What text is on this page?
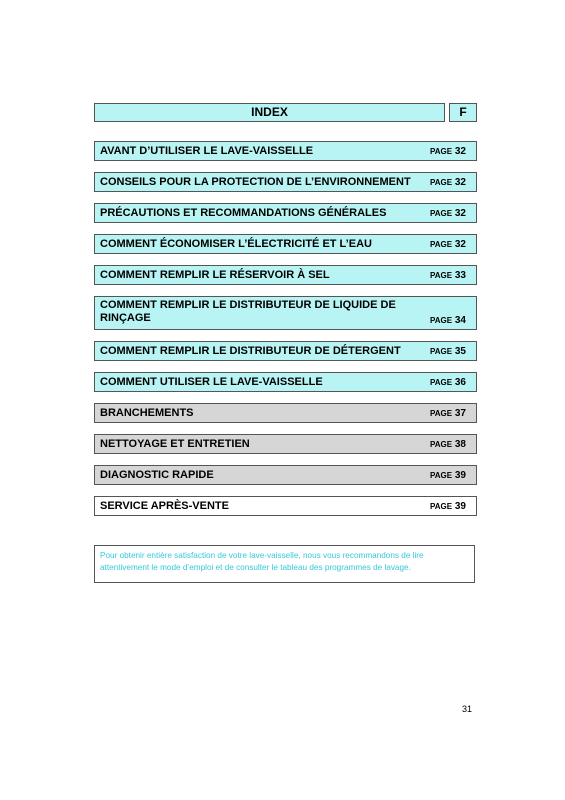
INDEX	F
AVANT D’UTILISER LE LAVE-VAISSELLE	PAGE 32
CONSEILS POUR LA PROTECTION DE L’ENVIRONNEMENT	PAGE 32
PRÉCAUTIONS ET RECOMMANDATIONS GÉNÉRALES	PAGE 32
COMMENT ÉCONOMISER L’ÉLECTRICITÉ ET L’EAU	PAGE 32
COMMENT REMPLIR LE RÉSERVOIR À SEL	PAGE 33
COMMENT REMPLIR LE DISTRIBUTEUR DE LIQUIDE DE RINÇAGE	PAGE 34
COMMENT REMPLIR LE DISTRIBUTEUR DE DÉTERGENT	PAGE 35
COMMENT UTILISER LE LAVE-VAISSELLE	PAGE 36
BRANCHEMENTS	PAGE 37
NETTOYAGE ET ENTRETIEN	PAGE 38
DIAGNOSTIC RAPIDE	PAGE 39
SERVICE APRÈS-VENTE	PAGE 39
Pour obtenir entière satisfaction de votre lave-vaisselle, nous vous recommandons de lire attentivement le mode d’emploi et de consulter le tableau des programmes de lavage.
31
